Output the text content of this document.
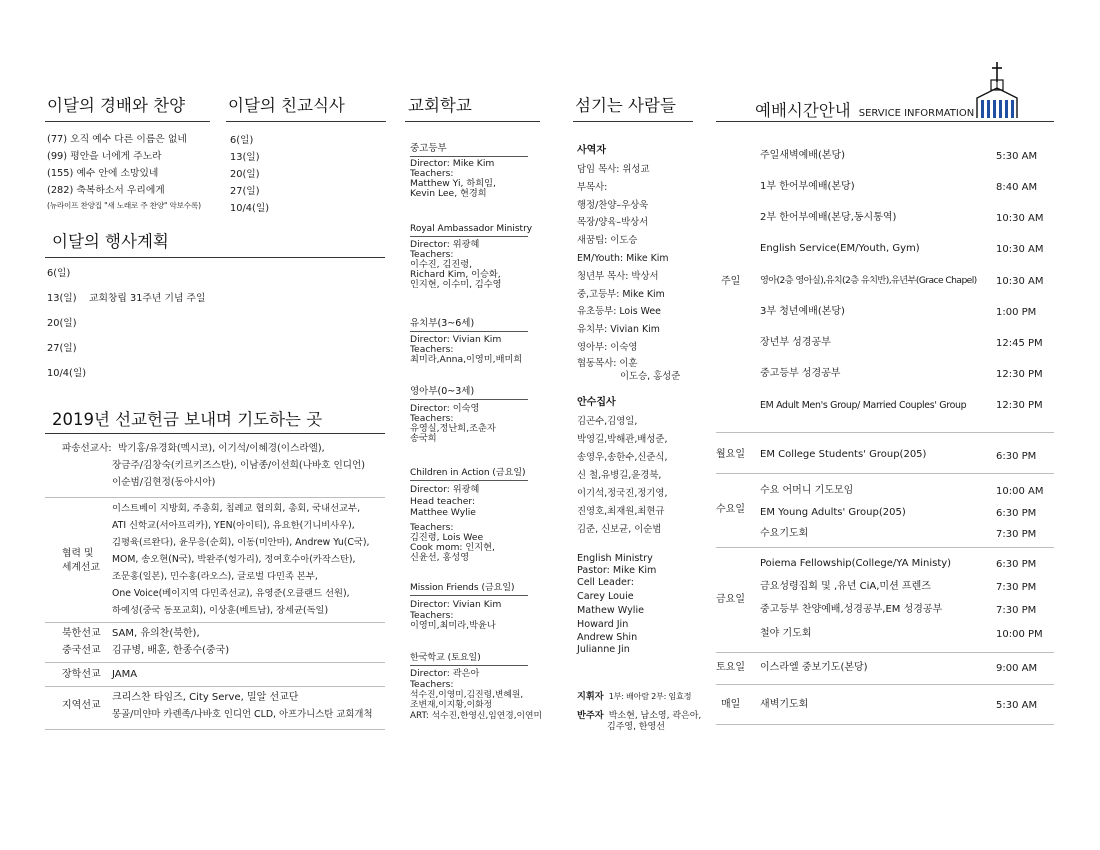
이달의 경배와 찬양
(77) 오직 예수 다른 이름은 없네
(99) 평안을 너에게 주노라
(155) 예수 안에 소망있네
(282) 축복하소서 우리에게
(뉴라이프 찬양집 "새 노래로 주 찬양" 악보수록)
이달의 친교식사
6(일)
13(일)
20(일)
27(일)
10/4(일)
이달의 행사계획
6(일)
13(일)	교회창립 31주년 기념 주일
20(일)
27(일)
10/4(일)
2019년 선교헌금 보내며 기도하는 곳
파송선교사: 박기홍/유경화(멕시코), 이기석/이혜경(이스라엘),
장금주/김창숙(키르키즈스탄), 이남종/이선희(나바호 인디언)
이순범/김현정(동아시아)
협력 및
세계선교
이스트베이 지방회, 주총회, 침례교 협의회, 총회, 국내선교부,
ATI 신학교(서아프리카), YEN(아이티), 유요한(기니비사우),
김평육(르완다), 윤무응(순회), 이동(미안마), Andrew Yu(C국),
MOM, 송오현(N국), 박완주(헝가리), 정여호수아(카작스탄),
조문홍(일본), 민수홍(라오스), 글로벌 다민족 본부,
One Voice(베이지역 다민족선교), 유영준(오클랜드 선원),
하예성(중국 동포교회), 이상훈(베트남), 장세균(독일)
북한선교 SAM, 유의찬(북한),
중국선교 김규병, 배훈, 한종수(중국)
장학선교 JAMA
지역선교
크리스찬 타임즈, City Serve, 밀알 선교단
몽골/미얀마 카렌족/나바호 인디언 CLD, 아프가니스탄 교회개척
교회학교
중고등부
Director: Mike Kim
Teachers:
Matthew Yi, 하희임,
Kevin Lee, 현경희
Royal Ambassador Ministry
Director: 위광혜
Teachers:
이수진, 김진령,
Richard Kim, 이승화,
인지현, 이수미, 김수영
유치부(3~6세)
Director: Vivian Kim
Teachers:
최미라,Anna,이영미,배미희
영아부(0~3세)
Director: 이숙영
Teachers:
유영실,정난희,조춘자
송국희
Children in Action (금요일)
Director: 위광혜
Head teacher:
Matthee Wylie
Teachers:
김진령, Lois Wee
Cook mom: 인지현,
신윤선, 홍성영
Mission Friends (금요일)
Director: Vivian Kim
Teachers:
이영미,최미라,박윤나
한국학교 (토요일)
Director: 곽은아
Teachers:
석수진,이영미,김진령,변혜원,
조변재,이지황,이화정
ART: 석수진,한영신,임연경,이연미
섬기는 사람들
사역자
담임 목사: 위성교
부목사:
행정/찬양–우상욱
목장/양육–박상서
새꿈팀: 이도승
EM/Youth: Mike Kim
청년부 목사: 박상서
중,고등부: Mike Kim
유초등부: Lois Wee
유치부: Vivian Kim
영아부: 이숙영
협동목사: 이훈
이도승, 홍성준
안수집사
김곤수,김영일,
박영길,박해관,배성준,
송영우,송한수,신준식,
신 철,유병길,윤경북,
이기석,정국진,정기영,
진영호,최재원,최현규
김준, 신보균, 이순범
English Ministry
Pastor: Mike Kim
Cell Leader:
Carey Louie
Mathew Wylie
Howard Jin
Andrew Shin
Julianne Jin
지휘자 1부: 배아람 2부: 임효정
반주자 박소현, 남소영, 곽은아,
김주영, 한영선
예배시간안내 SERVICE INFORMATION
주일
주일새벽예배(본당)	5:30 AM
1부 한어부예배(본당)	8:40 AM
2부 한어부예배(본당,동시통역)	10:30 AM
English Service(EM/Youth, Gym)	10:30 AM
영아(2층 영아실),유치(2층 유치반),유년부(Grace Chapel) 10:30 AM
3부 청년예배(본당)	1:00 PM
장년부 성경공부	12:45 PM
중고등부 성경공부	12:30 PM
EM Adult Men's Group/ Married Couples' Group	12:30 PM
월요일 EM College Students' Group(205)	6:30 PM
수요일
수요 어머니 기도모임	10:00 AM
EM Young Adults' Group(205)	6:30 PM
수요기도회	7:30 PM
금요일
Poiema Fellowship(College/YA Ministy)	6:30 PM
금요성령집회 및 ,유년 CiA,미션 프렌즈	7:30 PM
중고등부 찬양예배,성경공부,EM 성경공부	7:30 PM
철야 기도회	10:00 PM
토요일 이스라엘 중보기도(본당)	9:00 AM
매일 새벽기도회	5:30 AM
